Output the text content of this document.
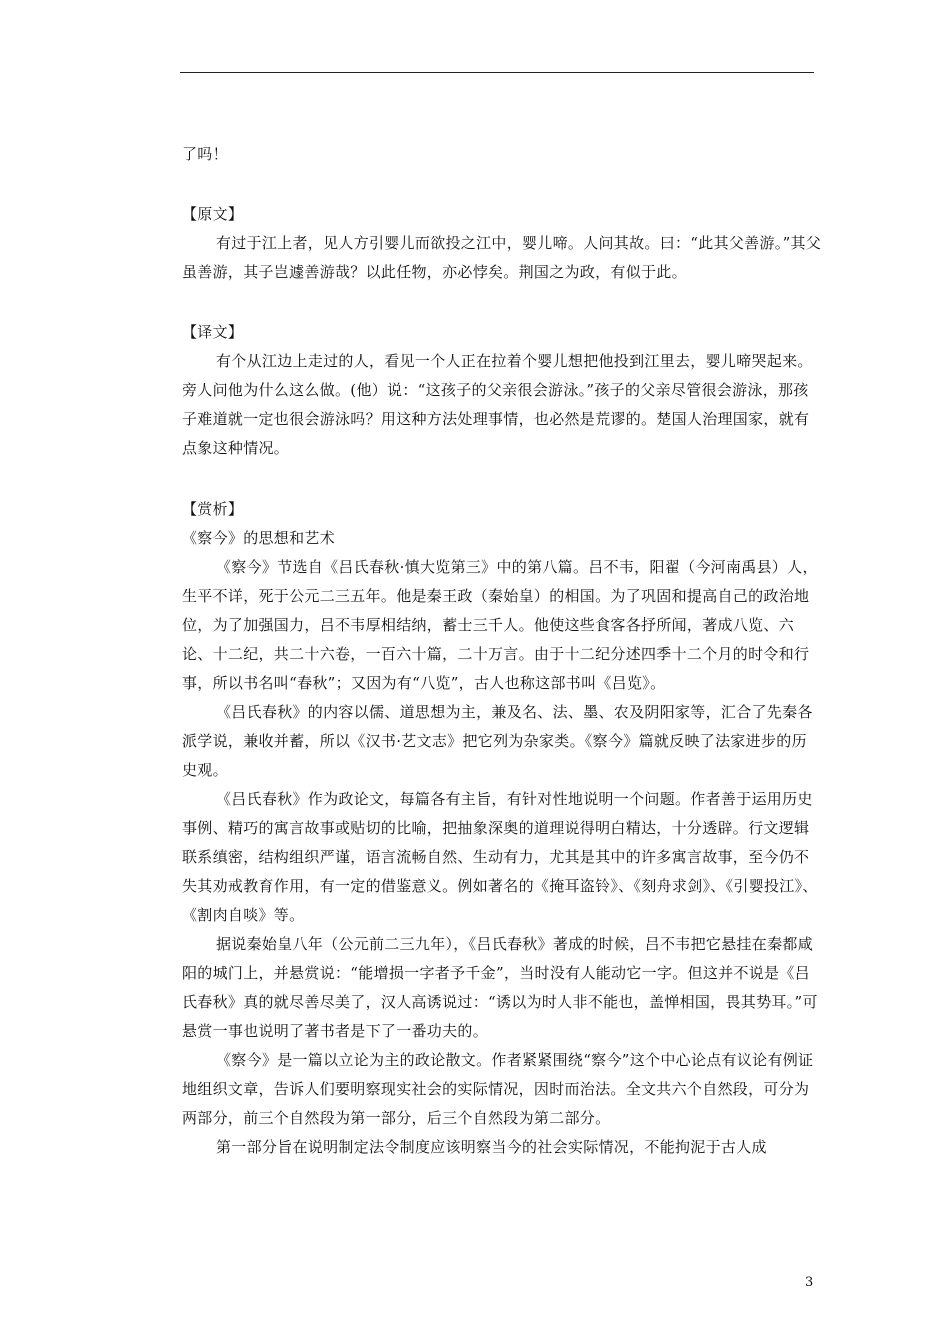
了吗！

【原文】

有过于江上者，见人方引婴儿而欲投之江中，婴儿啼。人问其故。曰：“此其父善游。”其父虽善游，其子岂遽善游哉？以此任物，亦必悖矣。荆国之为政，有似于此。

【译文】

有个从江边上走过的人，看见一个人正在拉着个婴儿想把他投到江里去，婴儿啼哭起来。旁人问他为什么这么做。(他）说：“这孩子的父亲很会游泳。”孩子的父亲尽管很会游泳，那孩子难道就一定也很会游泳吗？用这种方法处理事情，也必然是荒谬的。楚国人治理国家，就有点象这种情况。

【赏析】

《察今》的思想和艺术

《察今》节选自《吕氏春秋·慎大览第三》中的第八篇。吕不韦，阳翟（今河南禹县）人，生平不详，死于公元二三五年。他是秦王政（秦始皇）的相国。为了巩固和提高自己的政治地位，为了加强国力，吕不韦厚相结纳，蓄士三千人。他使这些食客各抒所闻，著成八览、六论、十二纪，共二十六卷，一百六十篇，二十万言。由于十二纪分述四季十二个月的时令和行事，所以书名叫“春秋”；又因为有“八览”，古人也称这部书叫《吕览》。

《吕氏春秋》的内容以儒、道思想为主，兼及名、法、墨、农及阴阳家等，汇合了先秦各派学说，兼收并蓄，所以《汉书·艺文志》把它列为杂家类。《察今》篇就反映了法家进步的历史观。

《吕氏春秋》作为政论文，每篇各有主旨，有针对性地说明一个问题。作者善于运用历史事例、精巧的寓言故事或贴切的比喻，把抽象深奥的道理说得明白精达，十分透辟。行文逻辑联系缜密，结构组织严谨，语言流畅自然、生动有力，尤其是其中的许多寓言故事，至今仍不失其劝戒教育作用，有一定的借鉴意义。例如著名的《掩耳盗铃》、《刻舟求剑》、《引婴投江》、《割肉自啖》等。

据说秦始皇八年（公元前二三九年），《吕氏春秋》著成的时候，吕不韦把它悬挂在秦都咸阳的城门上，并悬赏说：“能增损一字者予千金”，当时没有人能动它一字。但这并不说是《吕氏春秋》真的就尽善尽美了，汉人高诱说过：“诱以为时人非不能也，盖惮相国，畏其势耳。”可悬赏一事也说明了著书者是下了一番功夫的。

《察今》是一篇以立论为主的政论散文。作者紧紧围绕“察今”这个中心论点有议论有例证地组织文章，告诉人们要明察现实社会的实际情况，因时而治法。全文共六个自然段，可分为两部分，前三个自然段为第一部分，后三个自然段为第二部分。

第一部分旨在说明制定法令制度应该明察当今的社会实际情况，不能拘泥于古人成

3
